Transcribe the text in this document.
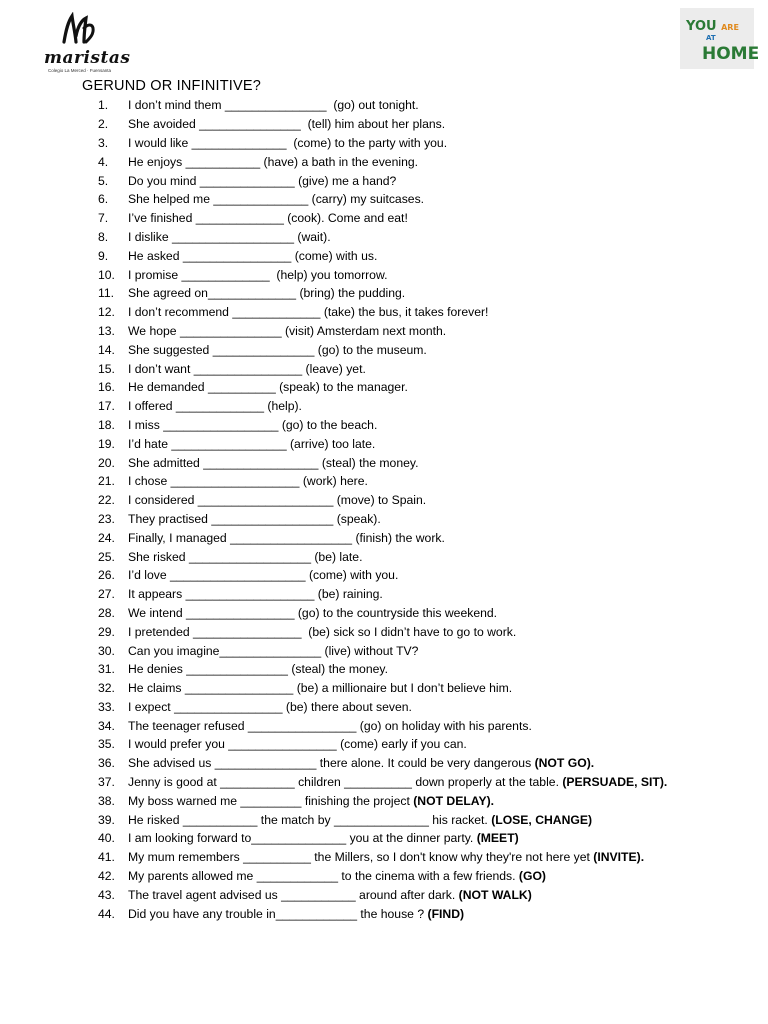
maristas
Colegio La Merced · Fuensanta
YOU ARE
AT
HOME
GERUND OR INFINITIVE?
1.	I don’t mind them _______________  (go) out tonight.
2.	She avoided _______________  (tell) him about her plans.
3.	I would like ______________  (come) to the party with you.
4.	He enjoys ___________ (have) a bath in the evening.
5.	Do you mind ______________ (give) me a hand?
6.	She helped me ______________ (carry) my suitcases.
7.	I’ve finished _____________ (cook). Come and eat!
8.	I dislike __________________ (wait).
9.	He asked ________________ (come) with us.
10.	I promise _____________  (help) you tomorrow.
11.	She agreed on_____________ (bring) the pudding.
12.	I don’t recommend _____________ (take) the bus, it takes forever!
13.	We hope _______________ (visit) Amsterdam next month.
14.	She suggested _______________ (go) to the museum.
15.	I don’t want ________________ (leave) yet.
16.	He demanded __________ (speak) to the manager.
17.	I offered _____________ (help).
18.	I miss _________________ (go) to the beach.
19.	I’d hate _________________ (arrive) too late.
20.	She admitted _________________ (steal) the money.
21.	I chose ___________________ (work) here.
22.	I considered ____________________ (move) to Spain.
23.	They practised __________________ (speak).
24.	Finally, I managed __________________ (finish) the work.
25.	She risked __________________ (be) late.
26.	I’d love ____________________ (come) with you.
27.	It appears ___________________ (be) raining.
28.	We intend ________________ (go) to the countryside this weekend.
29.	I pretended ________________  (be) sick so I didn’t have to go to work.
30.	Can you imagine_______________ (live) without TV?
31.	He denies _______________ (steal) the money.
32.	He claims ________________ (be) a millionaire but I don’t believe him.
33.	I expect ________________ (be) there about seven.
34.	The teenager refused ________________ (go) on holiday with his parents.
35.	I would prefer you ________________ (come) early if you can.
36.	She advised us _______________ there alone. It could be very dangerous (NOT GO).
37.	Jenny is good at ___________ children __________ down properly at the table. (PERSUADE, SIT).
38.	My boss warned me _________ finishing the project (NOT DELAY).
39.	He risked ___________ the match by ______________ his racket. (LOSE, CHANGE)
40.	I am looking forward to______________ you at the dinner party. (MEET)
41.	My mum remembers __________ the Millers, so I don't know why they're not here yet (INVITE).
42.	My parents allowed me ____________ to the cinema with a few friends. (GO)
43.	The travel agent advised us ___________ around after dark. (NOT WALK)
44.	Did you have any trouble in____________ the house ? (FIND)
